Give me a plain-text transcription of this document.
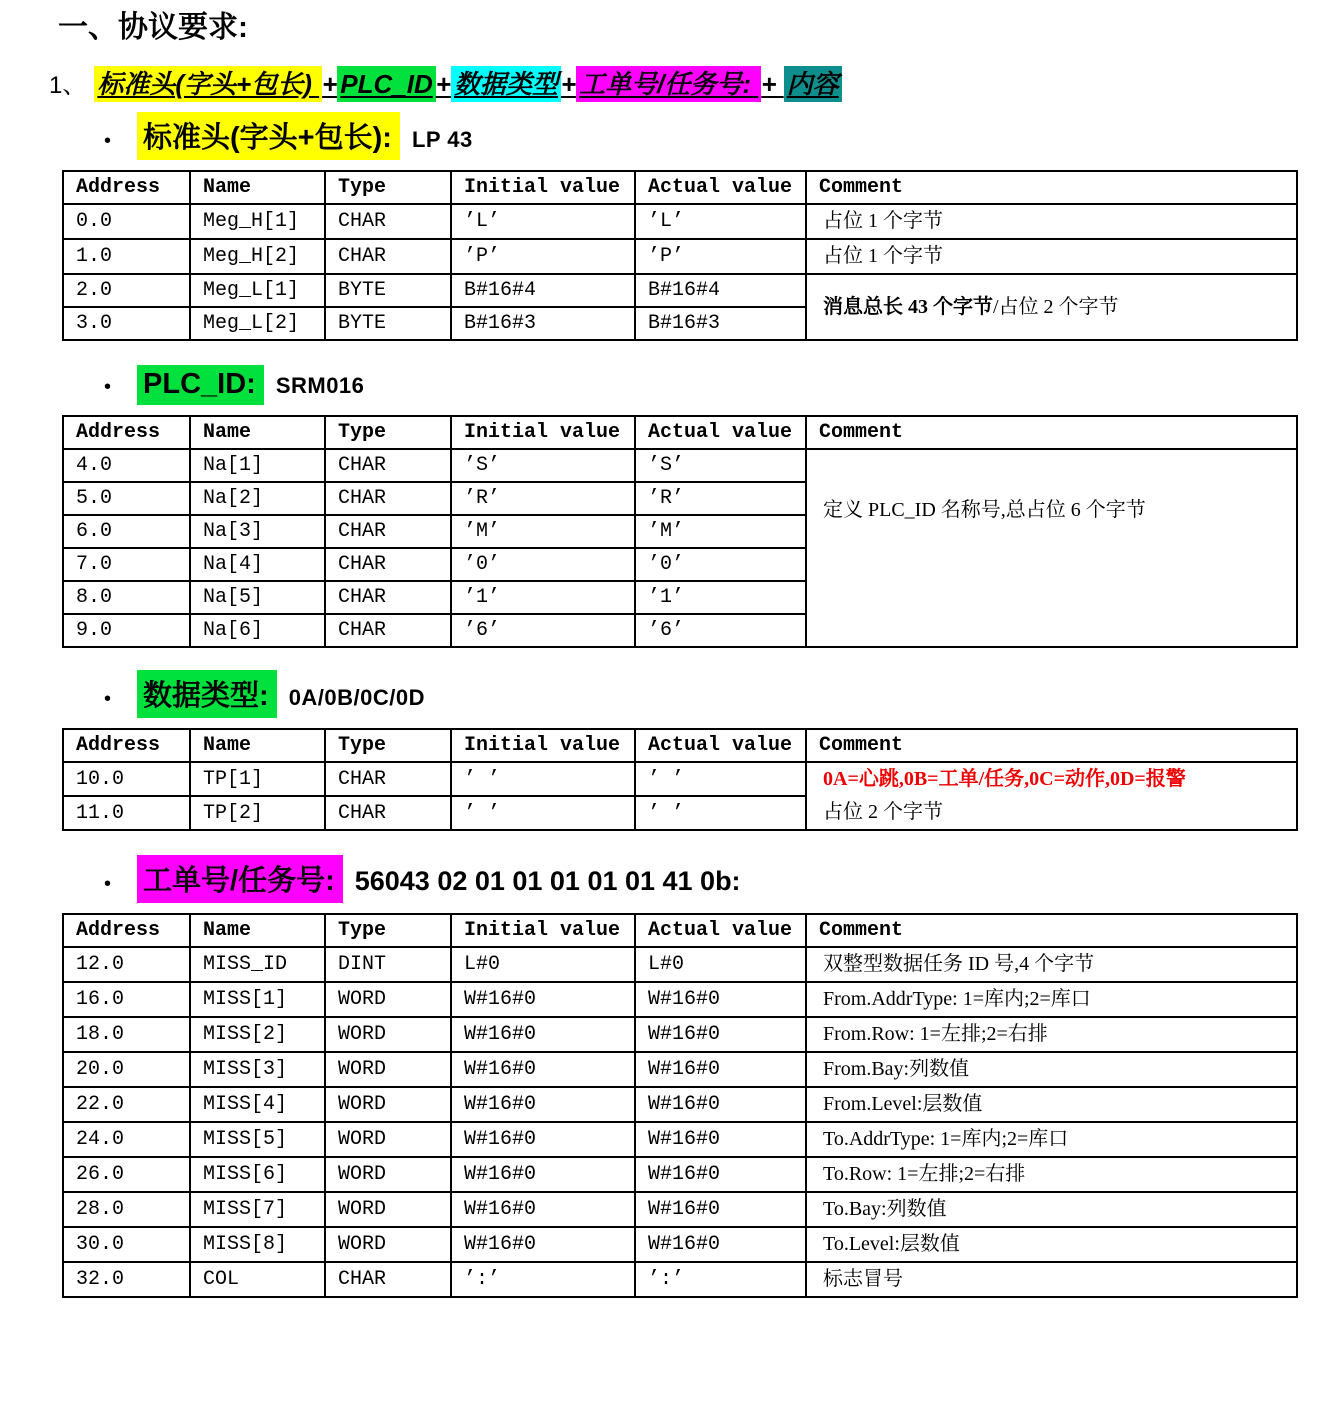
一、协议要求:
1、 标准头(字头+包长) + PLC_ID + 数据类型 + 工单号/任务号: + 内容
• 标准头(字头+包长): LP 43
Address	Name	Type	Initial value	Actual value	Comment

0.0	Meg_H[1]	CHAR	’L’	’L’	占位 1 个字节

1.0	Meg_H[2]	CHAR	’P’	’P’	占位 1 个字节

2.0	Meg_L[1]	BYTE	B#16#4	B#16#4	消息总长 43 个字节/占位 2 个字节

3.0	Meg_L[2]	BYTE	B#16#3	B#16#3	
• PLC_ID: SRM016
Address	Name	Type	Initial value	Actual value	Comment

4.0	Na[1]	CHAR	’S’	’S’	定义 PLC_ID 名称号,总占位 6 个字节

5.0	Na[2]	CHAR	’R’	’R’	

6.0	Na[3]	CHAR	’M’	’M’	

7.0	Na[4]	CHAR	’0’	’0’	

8.0	Na[5]	CHAR	’1’	’1’	

9.0	Na[6]	CHAR	’6’	’6’	
• 数据类型: 0A/0B/0C/0D
Address	Name	Type	Initial value	Actual value	Comment

10.0	TP[1]	CHAR	’ ’	’ ’	0A=心跳,0B=工单/任务,0C=动作,0D=报警
占位 2 个字节

11.0	TP[2]	CHAR	’ ’	’ ’	
• 工单号/任务号: 56043 02 01 01 01 01 01 41 0b:
Address	Name	Type	Initial value	Actual value	Comment

12.0	MISS_ID	DINT	L#0	L#0	双整型数据任务 ID 号,4 个字节

16.0	MISS[1]	WORD	W#16#0	W#16#0	From.AddrType: 1=库内;2=库口

18.0	MISS[2]	WORD	W#16#0	W#16#0	From.Row: 1=左排;2=右排

20.0	MISS[3]	WORD	W#16#0	W#16#0	From.Bay:列数值

22.0	MISS[4]	WORD	W#16#0	W#16#0	From.Level:层数值

24.0	MISS[5]	WORD	W#16#0	W#16#0	To.AddrType: 1=库内;2=库口

26.0	MISS[6]	WORD	W#16#0	W#16#0	To.Row: 1=左排;2=右排

28.0	MISS[7]	WORD	W#16#0	W#16#0	To.Bay:列数值

30.0	MISS[8]	WORD	W#16#0	W#16#0	To.Level:层数值

32.0	COL	CHAR	’:’	’:’	标志冒号
